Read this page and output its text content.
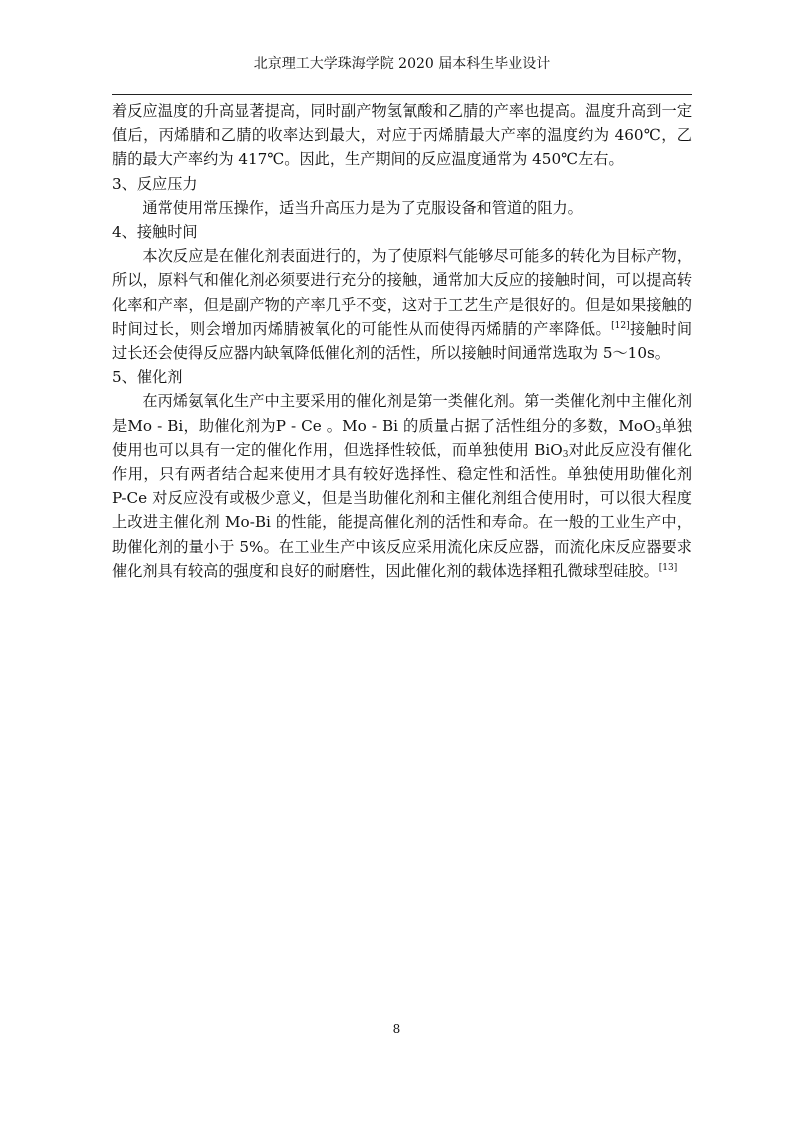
北京理工大学珠海学院 2020 届本科生毕业设计

着反应温度的升高显著提高，同时副产物氢氰酸和乙腈的产率也提高。温度升高到一定值后，丙烯腈和乙腈的收率达到最大，对应于丙烯腈最大产率的温度约为 460℃，乙腈的最大产率约为 417℃。因此，生产期间的反应温度通常为 450℃左右。

3、反应压力

通常使用常压操作，适当升高压力是为了克服设备和管道的阻力。

4、接触时间

本次反应是在催化剂表面进行的，为了使原料气能够尽可能多的转化为目标产物，所以，原料气和催化剂必须要进行充分的接触，通常加大反应的接触时间，可以提高转化率和产率，但是副产物的产率几乎不变，这对于工艺生产是很好的。但是如果接触的时间过长，则会增加丙烯腈被氧化的可能性从而使得丙烯腈的产率降低。[12]接触时间过长还会使得反应器内缺氧降低催化剂的活性，所以接触时间通常选取为 5～10s。

5、催化剂

在丙烯氨氧化生产中主要采用的催化剂是第一类催化剂。第一类催化剂中主催化剂是Mo - Bi，助催化剂为P - Ce 。Mo - Bi 的质量占据了活性组分的多数，MoO$_3$单独使用也可以具有一定的催化作用，但选择性较低，而单独使用 BiO$_3$对此反应没有催化作用，只有两者结合起来使用才具有较好选择性、稳定性和活性。单独使用助催化剂 P-Ce 对反应没有或极少意义，但是当助催化剂和主催化剂组合使用时，可以很大程度上改进主催化剂 Mo-Bi 的性能，能提高催化剂的活性和寿命。在一般的工业生产中，助催化剂的量小于 5%。在工业生产中该反应采用流化床反应器，而流化床反应器要求催化剂具有较高的强度和良好的耐磨性，因此催化剂的载体选择粗孔微球型硅胶。[13]

8
